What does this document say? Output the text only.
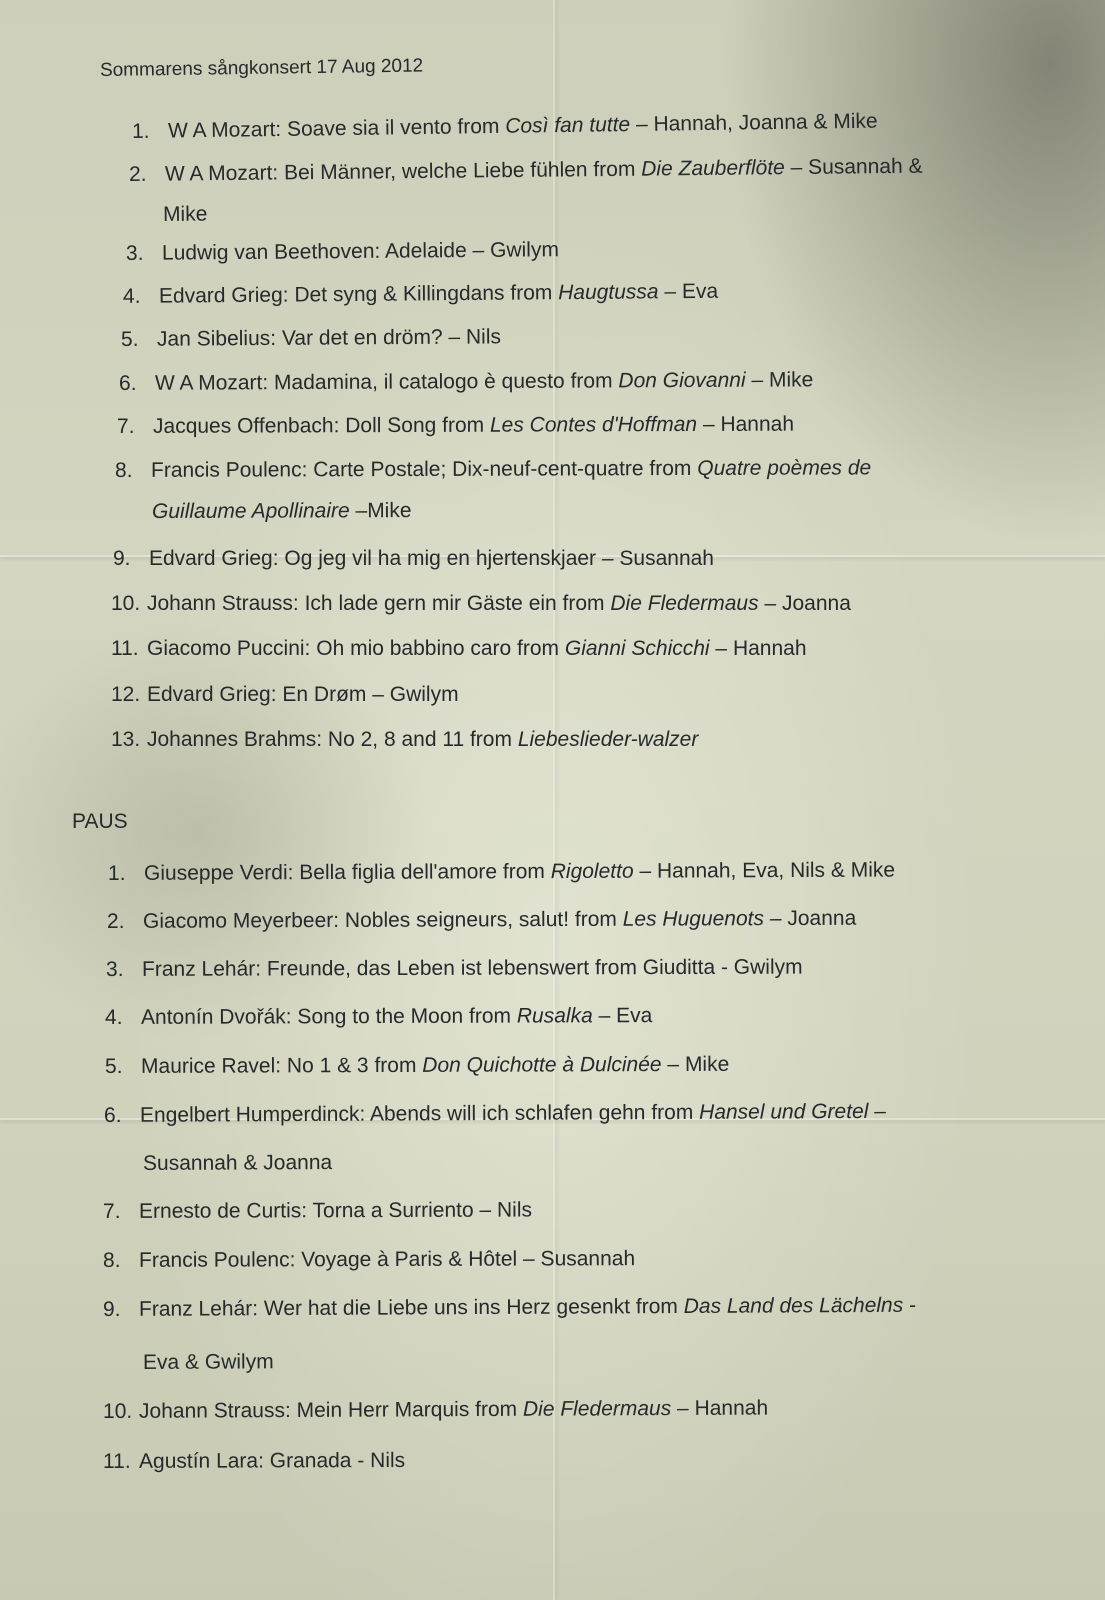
Sommarens sångkonsert 17 Aug 2012
1. W A Mozart: Soave sia il vento from Così fan tutte – Hannah, Joanna & Mike
2. W A Mozart: Bei Männer, welche Liebe fühlen from Die Zauberflöte – Susannah &
Mike
3. Ludwig van Beethoven: Adelaide – Gwilym
4. Edvard Grieg: Det syng & Killingdans from Haugtussa – Eva
5. Jan Sibelius: Var det en dröm? – Nils
6. W A Mozart: Madamina, il catalogo è questo from Don Giovanni – Mike
7. Jacques Offenbach: Doll Song from Les Contes d'Hoffman – Hannah
8. Francis Poulenc: Carte Postale; Dix-neuf-cent-quatre from Quatre poèmes de
Guillaume Apollinaire –Mike
9. Edvard Grieg: Og jeg vil ha mig en hjertenskjaer – Susannah
10. Johann Strauss: Ich lade gern mir Gäste ein from Die Fledermaus – Joanna
11. Giacomo Puccini: Oh mio babbino caro from Gianni Schicchi – Hannah
12. Edvard Grieg: En Drøm – Gwilym
13. Johannes Brahms: No 2, 8 and 11 from Liebeslieder-walzer
PAUS
1. Giuseppe Verdi: Bella figlia dell'amore from Rigoletto – Hannah, Eva, Nils & Mike
2. Giacomo Meyerbeer: Nobles seigneurs, salut! from Les Huguenots – Joanna
3. Franz Lehár: Freunde, das Leben ist lebenswert from Giuditta - Gwilym
4. Antonín Dvořák: Song to the Moon from Rusalka – Eva
5. Maurice Ravel: No 1 & 3 from Don Quichotte à Dulcinée – Mike
6. Engelbert Humperdinck: Abends will ich schlafen gehn from Hansel und Gretel –
Susannah & Joanna
7. Ernesto de Curtis: Torna a Surriento – Nils
8. Francis Poulenc: Voyage à Paris & Hôtel – Susannah
9. Franz Lehár: Wer hat die Liebe uns ins Herz gesenkt from Das Land des Lächelns -
Eva & Gwilym
10. Johann Strauss: Mein Herr Marquis from Die Fledermaus – Hannah
11. Agustín Lara: Granada - Nils
